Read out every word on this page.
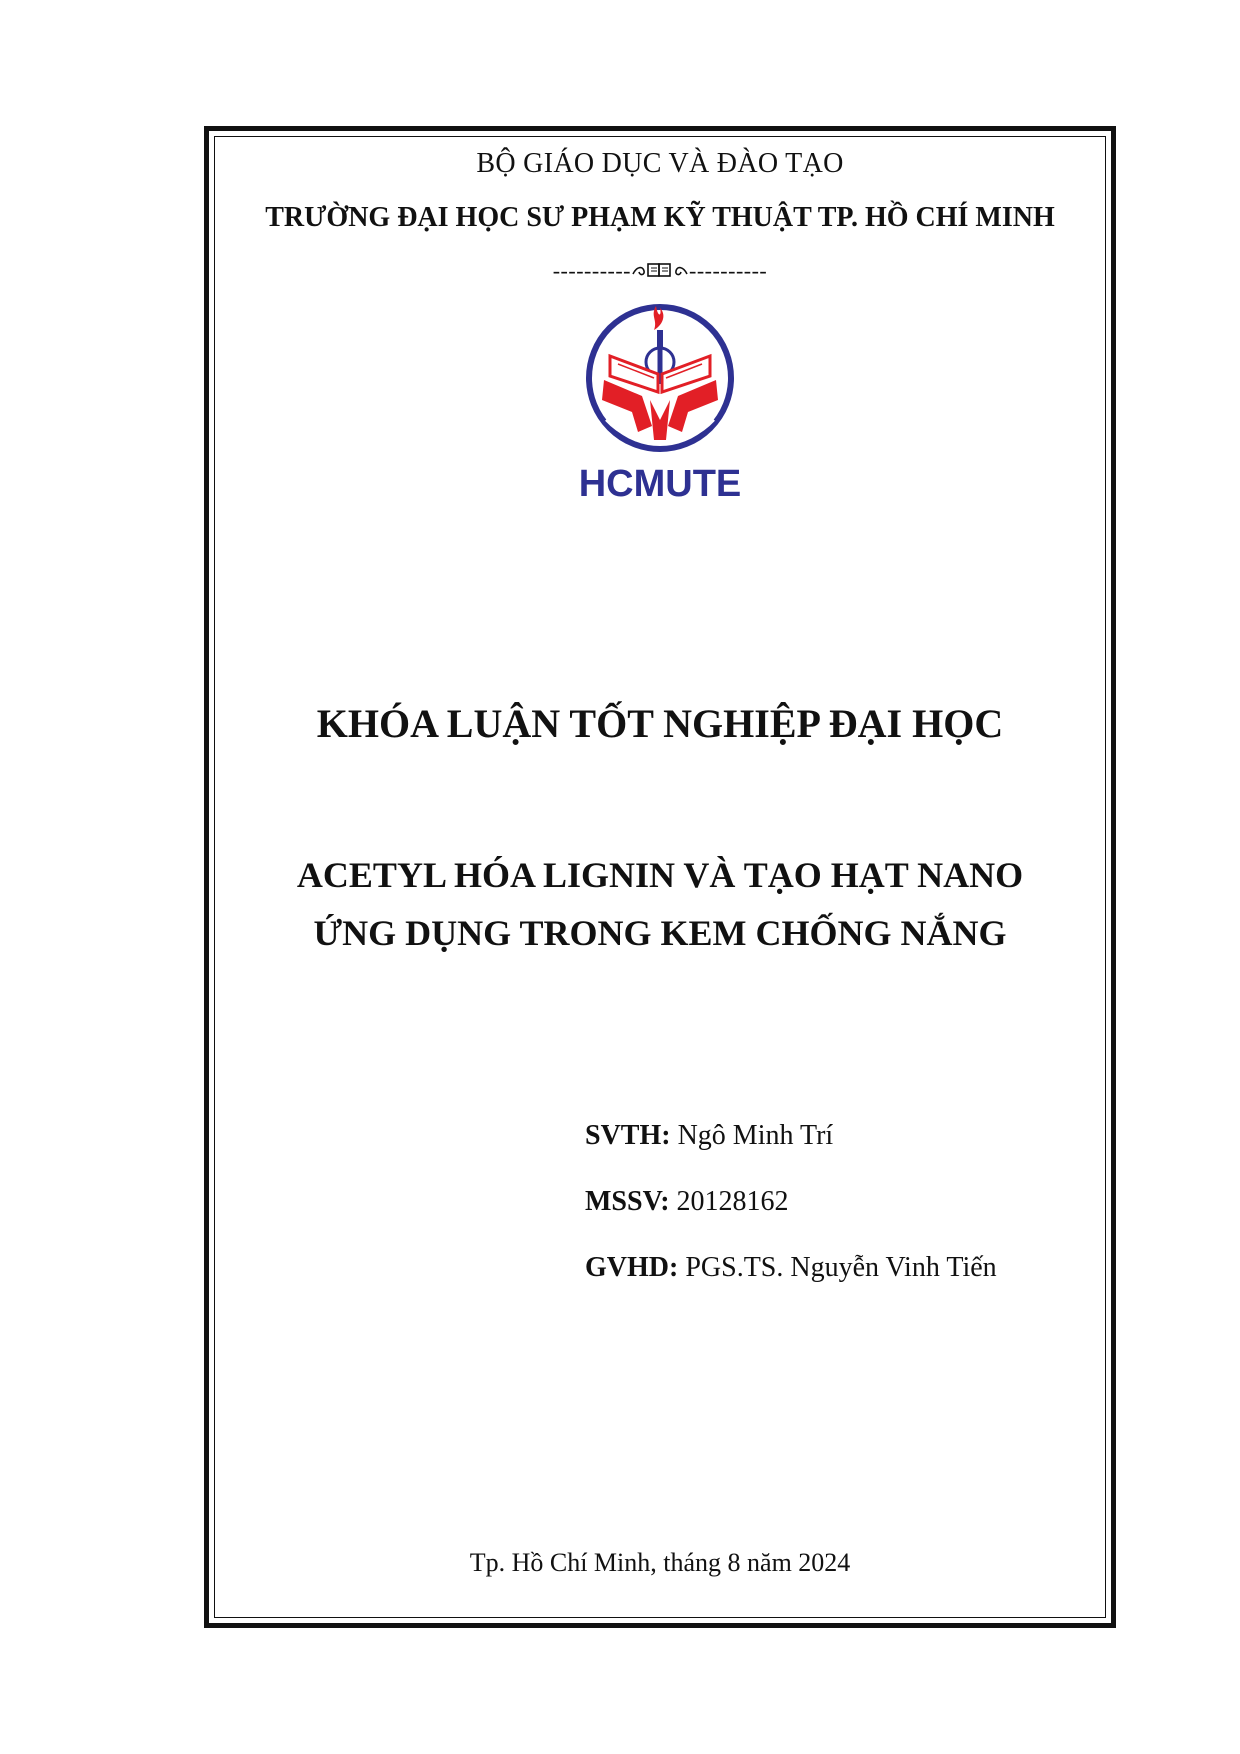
BỘ GIÁO DỤC VÀ ĐÀO TẠO
TRƯỜNG ĐẠI HỌC SƯ PHẠM KỸ THUẬT TP. HỒ CHÍ MINH
----------	----------
HCMUTE
KHÓA LUẬN TỐT NGHIỆP ĐẠI HỌC
ACETYL HÓA LIGNIN VÀ TẠO HẠT NANO
ỨNG DỤNG TRONG KEM CHỐNG NẮNG
SVTH: Ngô Minh Trí
MSSV: 20128162
GVHD: PGS.TS. Nguyễn Vinh Tiến
Tp. Hồ Chí Minh, tháng 8 năm 2024
